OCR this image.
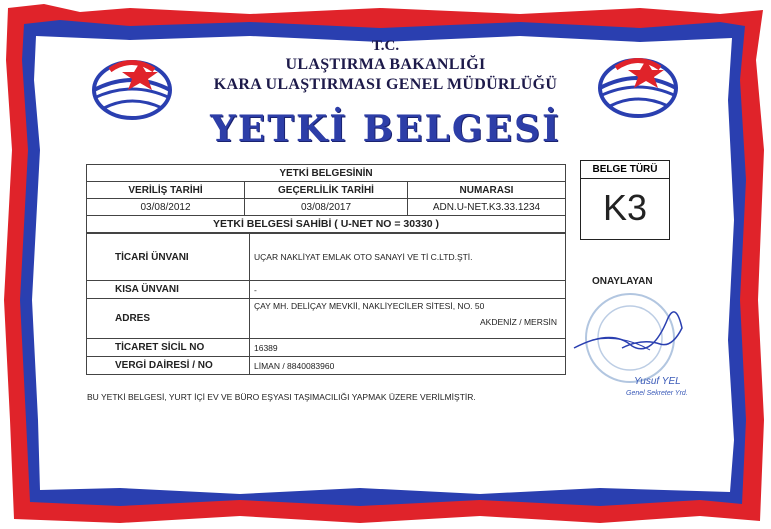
T.C.
ULAŞTIRMA BAKANLIĞI
KARA ULAŞTIRMASI GENEL MÜDÜRLÜĞÜ
YETKİ BELGESİ
YETKİ BELGESİNİN		
VERİLİŞ TARİHİ	GEÇERLİLİK TARİHİ	NUMARASI
03/08/2012	03/08/2017	ADN.U-NET.K3.33.1234
YETKİ BELGESİ SAHİBİ ( U-NET NO = 30330 )		
TİCARİ ÜNVANI	UÇAR NAKLİYAT EMLAK OTO SANAYİ VE Tİ C.LTD.ŞTİ.
KISA ÜNVANI	-
ADRES	ÇAY MH. DELİÇAY MEVKİİ, NAKLİYECİLER SİTESİ, NO. 50
AKDENİZ / MERSİN

TİCARET SİCİL NO	16389
VERGİ DAİRESİ / NO	LİMAN / 8840083960
BELGE TÜRÜ
K3
ONAYLAYAN
Yusuf YEL
Genel Sekreter Yrd.
BU YETKİ BELGESİ, YURT İÇİ EV VE BÜRO EŞYASI TAŞIMACILIĞI YAPMAK ÜZERE VERİLMİŞTİR.
